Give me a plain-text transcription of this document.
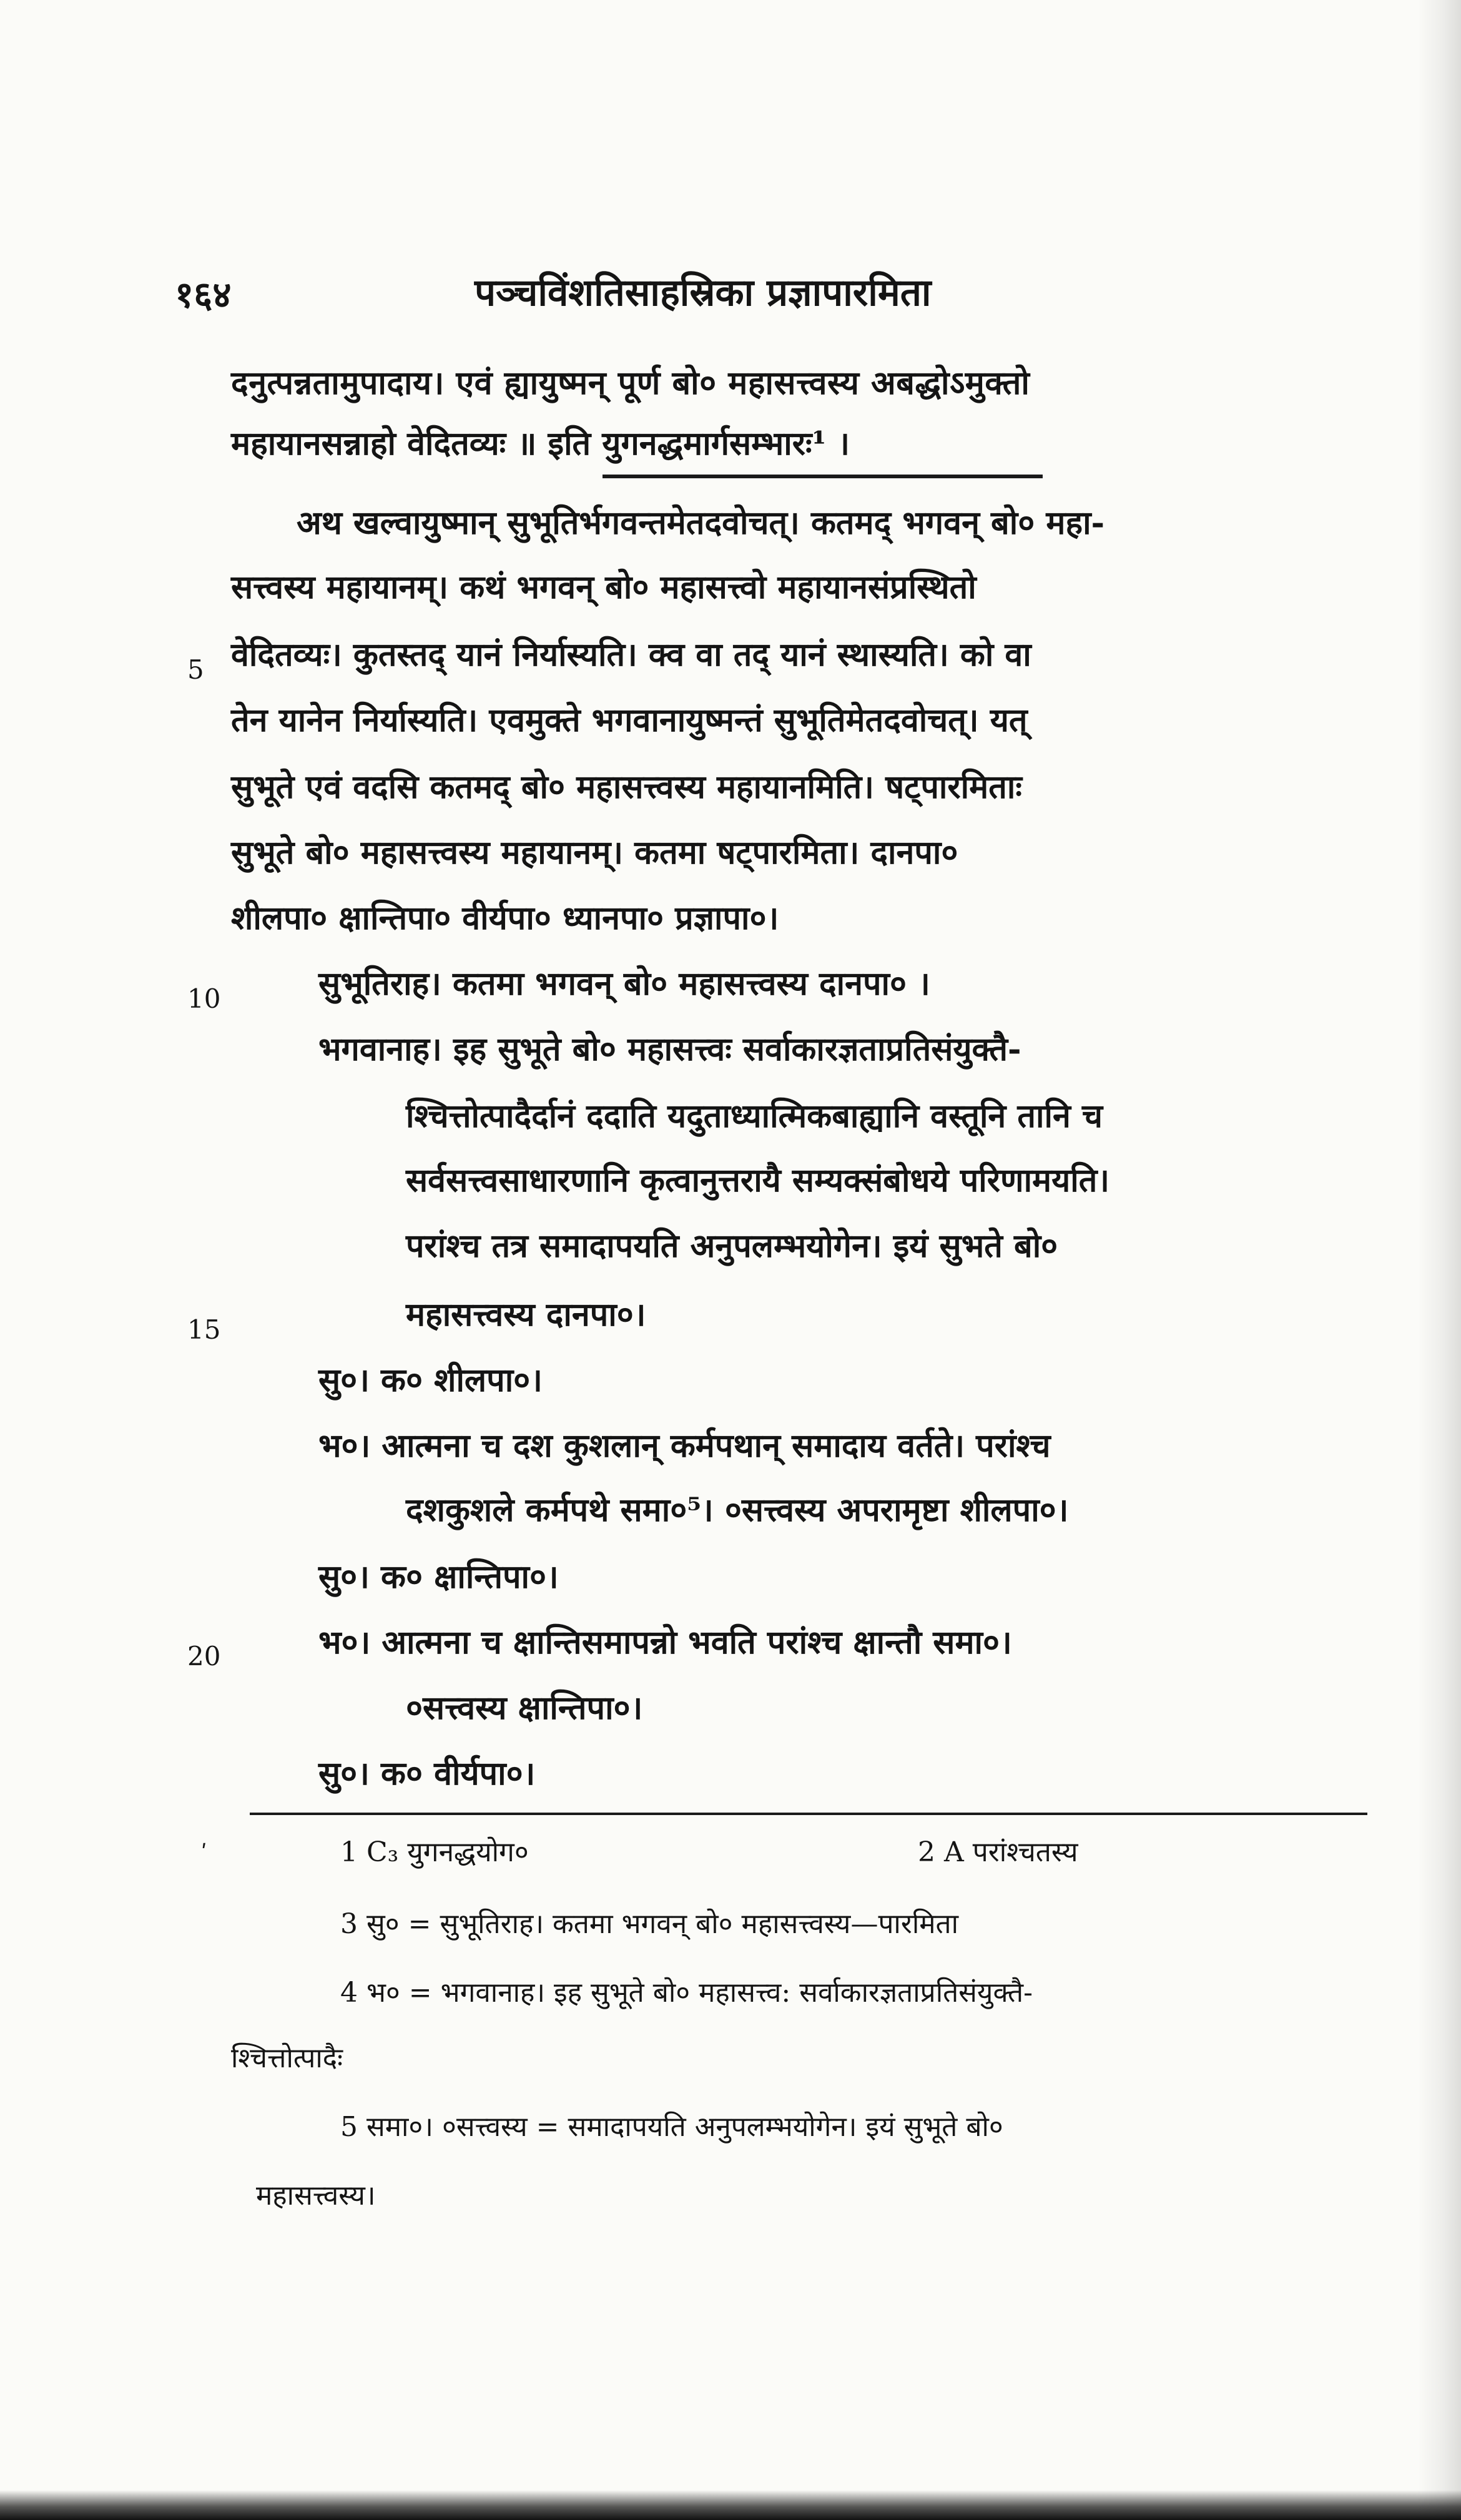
१६४	पञ्चविंशतिसाहस्रिका प्रज्ञापारमिता
दनुत्पन्नतामुपादाय। एवं ह्यायुष्मन् पूर्ण बो० महासत्त्वस्य अबद्धोऽमुक्तो
महायानसन्नाहो वेदितव्यः ॥ इति युगनद्धमार्गसम्भारः¹ ।
अथ खल्वायुष्मान् सुभूतिर्भगवन्तमेतदवोचत्। कतमद् भगवन् बो० महा-
सत्त्वस्य महायानम्। कथं भगवन् बो० महासत्त्वो महायानसंप्रस्थितो
वेदितव्यः। कुतस्तद् यानं निर्यास्यति। क्व वा तद् यानं स्थास्यति। को वा
तेन यानेन निर्यास्यति। एवमुक्ते भगवानायुष्मन्तं सुभूतिमेतदवोचत्। यत्
सुभूते एवं वदसि कतमद् बो० महासत्त्वस्य महायानमिति। षट्पारमिताः
सुभूते बो० महासत्त्वस्य महायानम्। कतमा षट्पारमिता। दानपा०
शीलपा० क्षान्तिपा० वीर्यपा० ध्यानपा० प्रज्ञापा०।
सुभूतिराह। कतमा भगवन् बो० महासत्त्वस्य दानपा० ।
भगवानाह। इह सुभूते बो० महासत्त्वः सर्वाकारज्ञताप्रतिसंयुक्तै-
श्चित्तोत्पादैर्दानं ददाति यदुताध्यात्मिकबाह्यानि वस्तूनि तानि च
सर्वसत्त्वसाधारणानि कृत्वानुत्तरायै सम्यक्संबोधये परिणामयति।
परांश्च तत्र समादापयति अनुपलम्भयोगेन। इयं सुभते बो०
महासत्त्वस्य दानपा०।
सु०। क० शीलपा०।
भ०। आत्मना च दश कुशलान् कर्मपथान् समादाय वर्तते। परांश्च
दशकुशले कर्मपथे समा०⁵। ०सत्त्वस्य अपरामृष्टा शीलपा०।
सु०। क० क्षान्तिपा०।
भ०। आत्मना च क्षान्तिसमापन्नो भवति परांश्च क्षान्तौ समा०।
०सत्त्वस्य क्षान्तिपा०।
सु०। क० वीर्यपा०।
5
10
15
20
ʹ	1 C₃ युगनद्धयोग०	2 A परांश्चतस्य
3 सु० = सुभूतिराह। कतमा भगवन् बो० महासत्त्वस्य—पारमिता
4 भ० = भगवानाह। इह सुभूते बो० महासत्त्व: सर्वाकारज्ञताप्रतिसंयुक्तै-
श्चित्तोत्पादैः
5 समा०। ०सत्त्वस्य = समादापयति अनुपलम्भयोगेन। इयं सुभूते बो०
महासत्त्वस्य।
